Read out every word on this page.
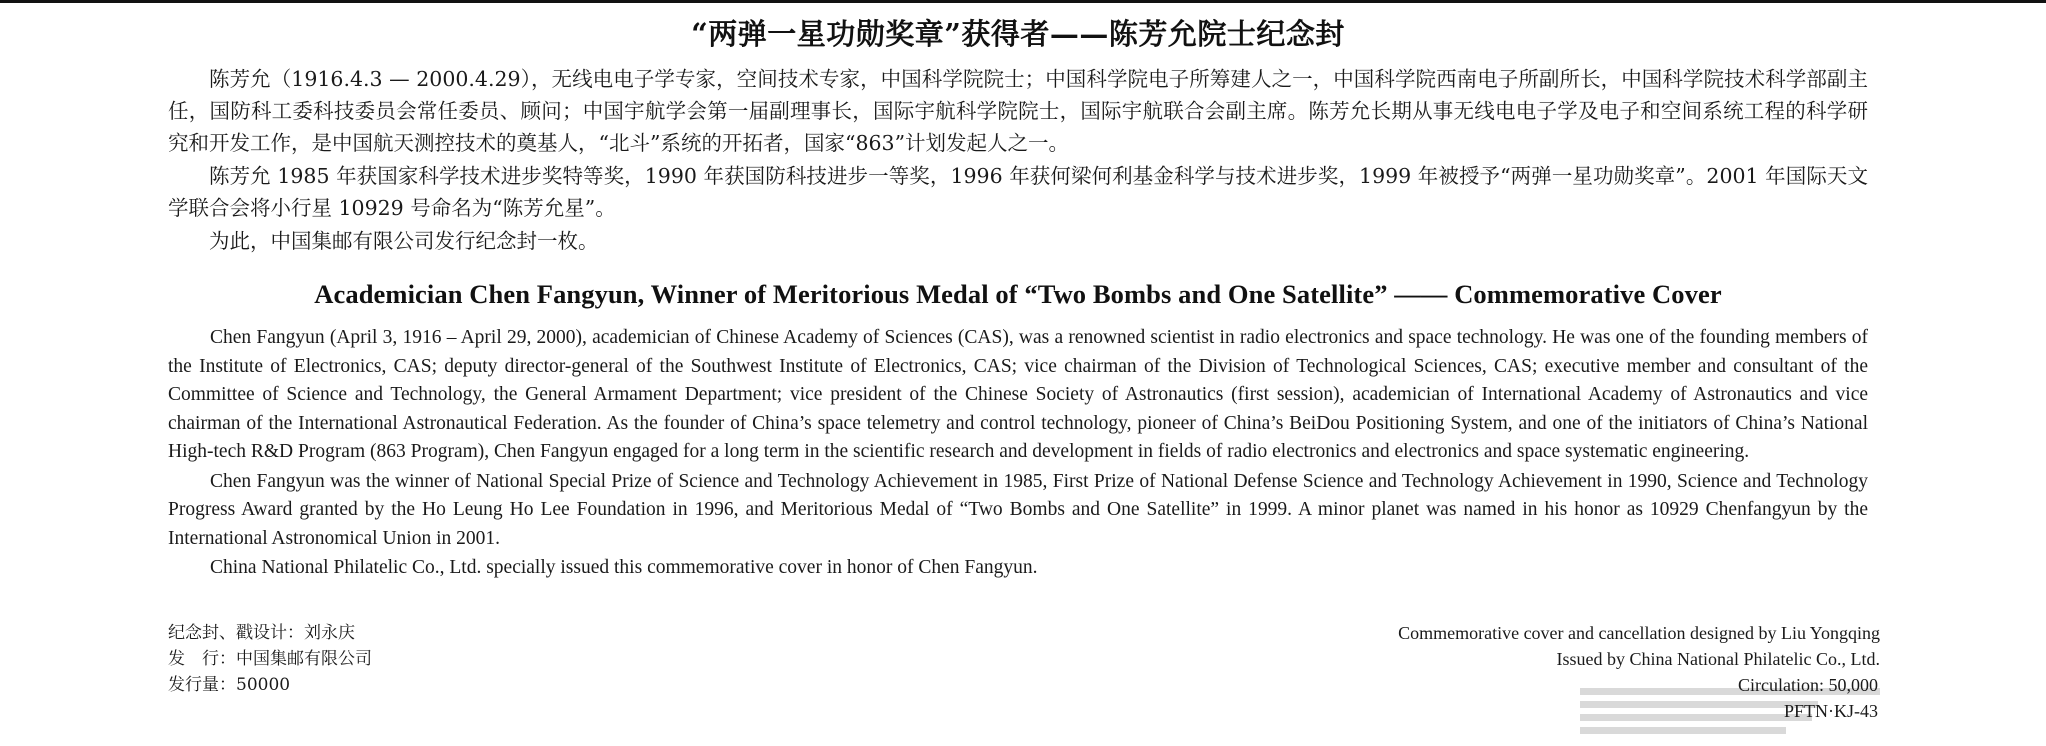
“两弹一星功勋奖章”获得者——陈芳允院士纪念封

陈芳允（1916.4.3 — 2000.4.29），无线电电子学专家，空间技术专家，中国科学院院士；中国科学院电子所筹建人之一，中国科学院西南电子所副所长，中国科学院技术科学部副主任，国防科工委科技委员会常任委员、顾问；中国宇航学会第一届副理事长，国际宇航科学院院士，国际宇航联合会副主席。陈芳允长期从事无线电电子学及电子和空间系统工程的科学研究和开发工作，是中国航天测控技术的奠基人，“北斗”系统的开拓者，国家“863”计划发起人之一。

陈芳允 1985 年获国家科学技术进步奖特等奖，1990 年获国防科技进步一等奖，1996 年获何梁何利基金科学与技术进步奖，1999 年被授予“两弹一星功勋奖章”。2001 年国际天文学联合会将小行星 10929 号命名为“陈芳允星”。

为此，中国集邮有限公司发行纪念封一枚。

Academician Chen Fangyun, Winner of Meritorious Medal of “Two Bombs and One Satellite” —— Commemorative Cover

Chen Fangyun (April 3, 1916 – April 29, 2000), academician of Chinese Academy of Sciences (CAS), was a renowned scientist in radio electronics and space technology. He was one of the founding members of the Institute of Electronics, CAS; deputy director-general of the Southwest Institute of Electronics, CAS; vice chairman of the Division of Technological Sciences, CAS; executive member and consultant of the Committee of Science and Technology, the General Armament Department; vice president of the Chinese Society of Astronautics (first session), academician of International Academy of Astronautics and vice chairman of the International Astronautical Federation. As the founder of China’s space telemetry and control technology, pioneer of China’s BeiDou Positioning System, and one of the initiators of China’s National High-tech R&D Program (863 Program), Chen Fangyun engaged for a long term in the scientific research and development in fields of radio electronics and electronics and space systematic engineering.

Chen Fangyun was the winner of National Special Prize of Science and Technology Achievement in 1985, First Prize of National Defense Science and Technology Achievement in 1990, Science and Technology Progress Award granted by the Ho Leung Ho Lee Foundation in 1996, and Meritorious Medal of “Two Bombs and One Satellite” in 1999. A minor planet was named in his honor as 10929 Chenfangyun by the International Astronomical Union in 2001.

China National Philatelic Co., Ltd. specially issued this commemorative cover in honor of Chen Fangyun.

纪念封、戳设计：刘永庆
发　行：中国集邮有限公司
发行量：50000
Commemorative cover and cancellation designed by Liu Yongqing
Issued by China National Philatelic Co., Ltd.
Circulation: 50,000
PFTN·KJ-43
